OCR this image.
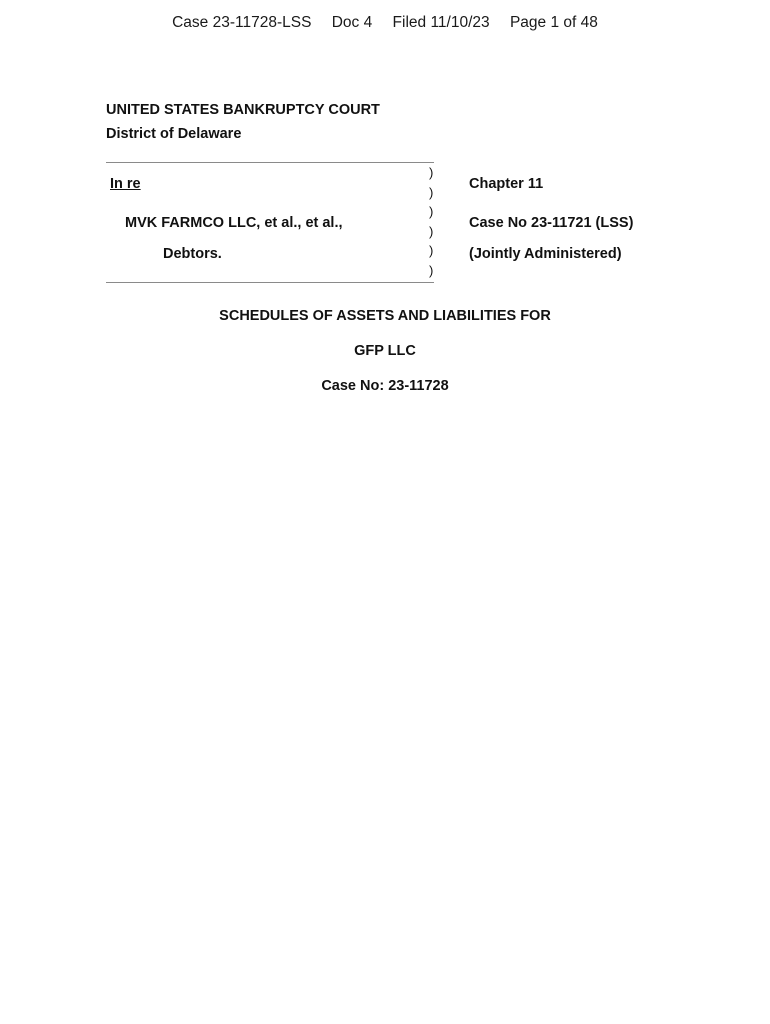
Case 23-11728-LSS Doc 4 Filed 11/10/23 Page 1 of 48
UNITED STATES BANKRUPTCY COURT
District of Delaware
In re
MVK FARMCO LLC, et al., et al.,
Debtors.
)
)
)
)
)
)
Chapter 11
Case No 23-11721 (LSS)
(Jointly Administered)
SCHEDULES OF ASSETS AND LIABILITIES FOR
GFP LLC
Case No: 23-11728
